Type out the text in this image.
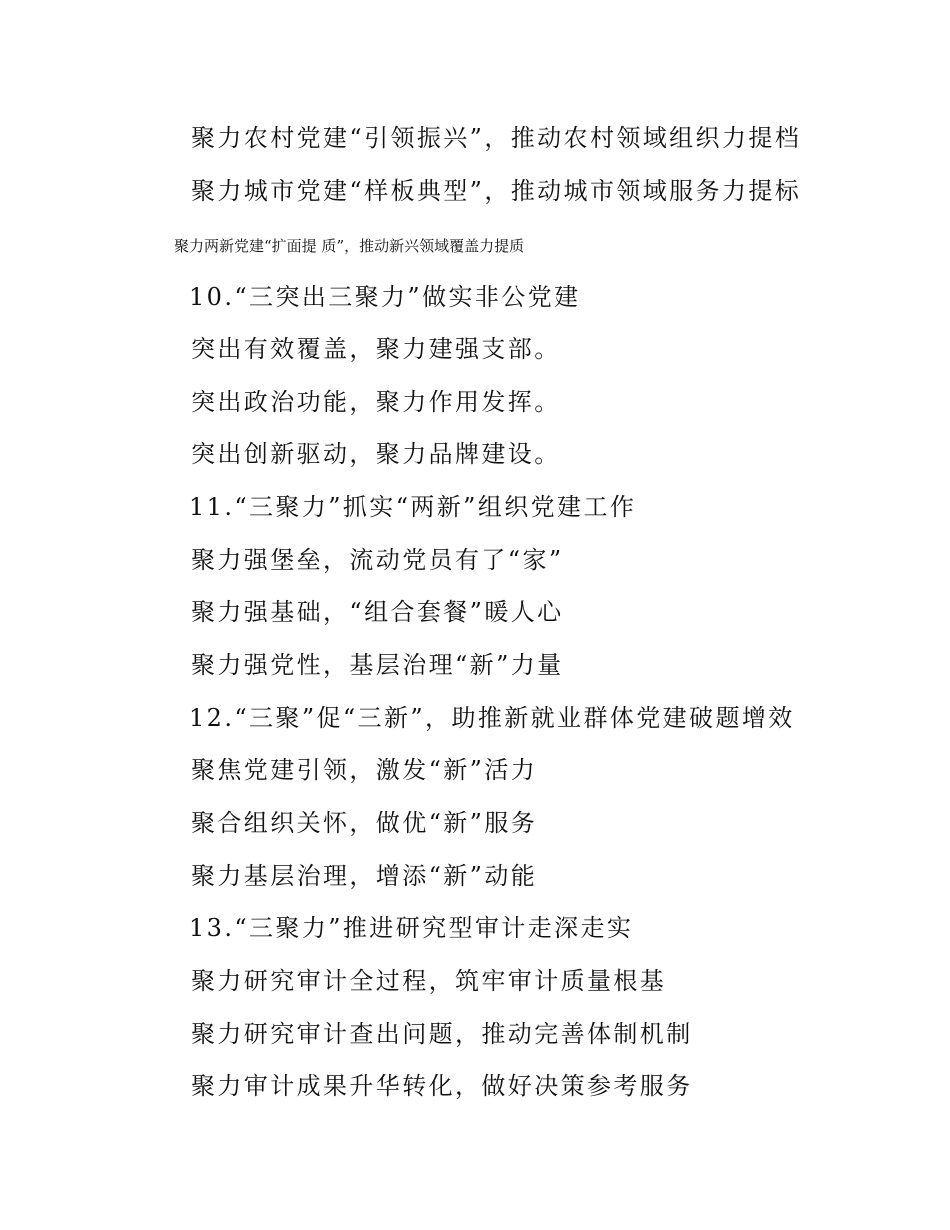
聚力农村党建“引领振兴”，推动农村领域组织力提档
聚力城市党建“样板典型”，推动城市领域服务力提标
聚力两新党建“扩面提 质”，推动新兴领域覆盖力提质
10.“三突出三聚力”做实非公党建
突出有效覆盖，聚力建强支部。
突出政治功能，聚力作用发挥。
突出创新驱动，聚力品牌建设。
11.“三聚力”抓实“两新”组织党建工作
聚力强堡垒，流动党员有了“家”
聚力强基础，“组合套餐”暖人心
聚力强党性，基层治理“新”力量
12.“三聚”促“三新”，助推新就业群体党建破题增效
聚焦党建引领，激发“新”活力
聚合组织关怀，做优“新”服务
聚力基层治理，增添“新”动能
13.“三聚力”推进研究型审计走深走实
聚力研究审计全过程，筑牢审计质量根基
聚力研究审计查出问题，推动完善体制机制
聚力审计成果升华转化，做好决策参考服务
